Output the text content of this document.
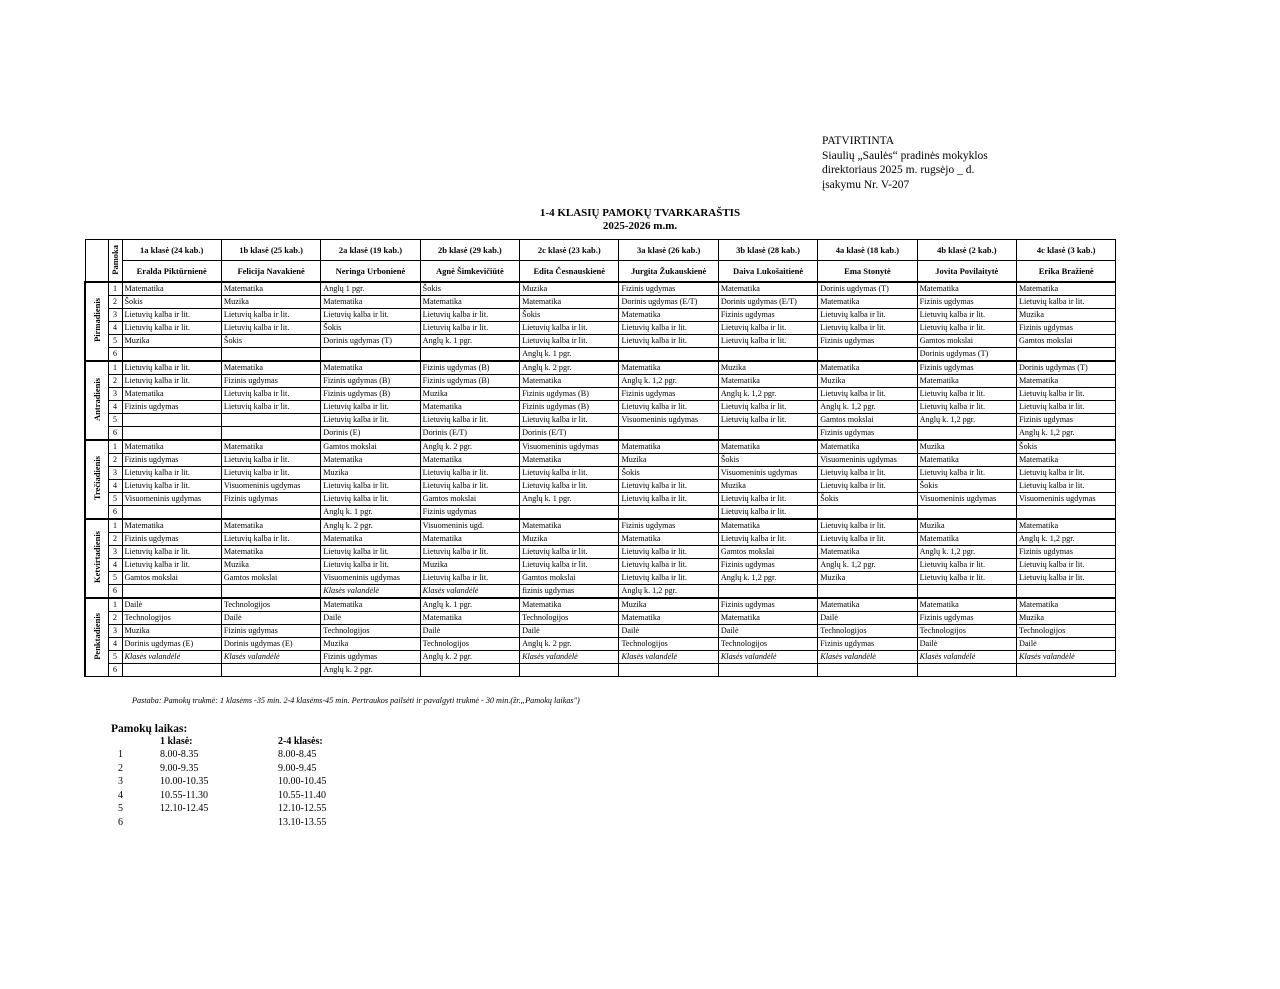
PATVIRTINTA
Siaulių „Saulės“ pradinės mokyklos
direktoriaus 2025 m. rugsėjo _ d.
įsakymu Nr. V-207
1-4 KLASIŲ PAMOKŲ TVARKARAŠTIS
2025-2026 m.m.
	Pamoka	1a klasė (24 kab.)	1b klasė (25 kab.)	2a klasė (19 kab.)	2b klasė (29 kab.)	2c klasė (23 kab.)	3a klasė (26 kab.)	3b klasė (28 kab.)	4a klasė (18 kab.)	4b klasė (2 kab.)	4c klasė (3 kab.)
		Eralda Piktūrnienė	Felicija Navakienė	Neringa Urbonienė	Agnė Šimkevičiūtė	Edita Česnauskienė	Jurgita Žukauskienė	Daiva Lukošaitienė	Ema Stonytė	Jovita Povilaitytė	Erika Bražienė
Pirmadienis	1	Matematika	Matematika	Anglų 1 pgr.	Šokis	Muzika	Fizinis ugdymas	Matematika	Dorinis ugdymas (T)	Matematika	Matematika
	2	Šokis	Muzika	Matematika	Matematika	Matematika	Dorinis ugdymas (E/T)	Dorinis ugdymas (E/T)	Matematika	Fizinis ugdymas	Lietuvių kalba ir lit.
	3	Lietuvių kalba ir lit.	Lietuvių kalba ir lit.	Lietuvių kalba ir lit.	Lietuvių kalba ir lit.	Šokis	Matematika	Fizinis ugdymas	Lietuvių kalba ir lit.	Lietuvių kalba ir lit.	Muzika
	4	Lietuvių kalba ir lit.	Lietuvių kalba ir lit.	Šokis	Lietuvių kalba ir lit.	Lietuvių kalba ir lit.	Lietuvių kalba ir lit.	Lietuvių kalba ir lit.	Lietuvių kalba ir lit.	Lietuvių kalba ir lit.	Fizinis ugdymas
	5	Muzika	Šokis	Dorinis ugdymas (T)	Anglų k. 1 pgr.	Lietuvių kalba ir lit.	Lietuvių kalba ir lit.	Lietuvių kalba ir lit.	Fizinis ugdymas	Gamtos mokslai	Gamtos mokslai
	6					Anglų k. 1 pgr.				Dorinis ugdymas (T)	
Antradienis	1	Lietuvių kalba ir lit.	Matematika	Matematika	Fizinis ugdymas (B)	Anglų k. 2 pgr.	Matematika	Muzika	Matematika	Fizinis ugdymas	Dorinis ugdymas (T)
	2	Lietuvių kalba ir lit.	Fizinis ugdymas	Fizinis ugdymas (B)	Fizinis ugdymas (B)	Matematika	Anglų k. 1,2 pgr.	Matematika	Muzika	Matematika	Matematika
	3	Matematika	Lietuvių kalba ir lit.	Fizinis ugdymas (B)	Muzika	Fizinis ugdymas (B)	Fizinis ugdymas	Anglų k. 1,2 pgr.	Lietuvių kalba ir lit.	Lietuvių kalba ir lit.	Lietuvių kalba ir lit.
	4	Fizinis ugdymas	Lietuvių kalba ir lit.	Lietuvių kalba ir lit.	Matematika	Fizinis ugdymas (B)	Lietuvių kalba ir lit.	Lietuvių kalba ir lit.	Anglų k. 1,2 pgr.	Lietuvių kalba ir lit.	Lietuvių kalba ir lit.
	5			Lietuvių kalba ir lit.	Lietuvių kalba ir lit.	Lietuvių kalba ir lit.	Visuomeninis ugdymas	Lietuvių kalba ir lit.	Gamtos mokslai	Anglų k. 1,2 pgr.	Fizinis ugdymas
	6			Dorinis (E)	Dorinis (E/T)	Dorinis (E/T)			Fizinis ugdymas		Anglų k. 1,2 pgr.
Trečiadienis	1	Matematika	Matematika	Gamtos mokslai	Anglų k. 2 pgr.	Visuomeninis ugdymas	Matematika	Matematika	Matematika	Muzika	Šokis
	2	Fizinis ugdymas	Lietuvių kalba ir lit.	Matematika	Matematika	Matematika	Muzika	Šokis	Visuomeninis ugdymas	Matematika	Matematika
	3	Lietuvių kalba ir lit.	Lietuvių kalba ir lit.	Muzika	Lietuvių kalba ir lit.	Lietuvių kalba ir lit.	Šokis	Visuomeninis ugdymas	Lietuvių kalba ir lit.	Lietuvių kalba ir lit.	Lietuvių kalba ir lit.
	4	Lietuvių kalba ir lit.	Visuomeninis ugdymas	Lietuvių kalba ir lit.	Lietuvių kalba ir lit.	Lietuvių kalba ir lit.	Lietuvių kalba ir lit.	Muzika	Lietuvių kalba ir lit.	Šokis	Lietuvių kalba ir lit.
	5	Visuomeninis ugdymas	Fizinis ugdymas	Lietuvių kalba ir lit.	Gamtos mokslai	Anglų k. 1 pgr.	Lietuvių kalba ir lit.	Lietuvių kalba ir lit.	Šokis	Visuomeninis ugdymas	Visuomeninis ugdymas
	6			Anglų k. 1 pgr.	Fizinis ugdymas			Lietuvių kalba ir lit.			
Ketvirtadienis	1	Matematika	Matematika	Anglų k. 2 pgr.	Visuomeninis ugd.	Matematika	Fizinis ugdymas	Matematika	Lietuvių kalba ir lit.	Muzika	Matematika
	2	Fizinis ugdymas	Lietuvių kalba ir lit.	Matematika	Matematika	Muzika	Matematika	Lietuvių kalba ir lit.	Lietuvių kalba ir lit.	Matematika	Anglų k. 1,2 pgr.
	3	Lietuvių kalba ir lit.	Matematika	Lietuvių kalba ir lit.	Lietuvių kalba ir lit.	Lietuvių kalba ir lit.	Lietuvių kalba ir lit.	Gamtos mokslai	Matematika	Anglų k. 1,2 pgr.	Fizinis ugdymas
	4	Lietuvių kalba ir lit.	Muzika	Lietuvių kalba ir lit.	Muzika	Lietuvių kalba ir lit.	Lietuvių kalba ir lit.	Fizinis ugdymas	Anglų k. 1,2 pgr.	Lietuvių kalba ir lit.	Lietuvių kalba ir lit.
	5	Gamtos mokslai	Gamtos mokslai	Visuomeninis ugdymas	Lietuvių kalba ir lit.	Gamtos mokslai	Lietuvių kalba ir lit.	Anglų k. 1,2 pgr.	Muzika	Lietuvių kalba ir lit.	Lietuvių kalba ir lit.
	6			Klasės valandėlė	Klasės valandėlė	fizinis ugdymas	Anglų k. 1,2 pgr.				
Penktadienis	1	Dailė	Technologijos	Matematika	Anglų k. 1 pgr.	Matematika	Muzika	Fizinis ugdymas	Matematika	Matematika	Matematika
	2	Technologijos	Dailė	Dailė	Matematika	Technologijos	Matematika	Matematika	Dailė	Fizinis ugdymas	Muzika
	3	Muzika	Fizinis ugdymas	Technologijos	Dailė	Dailė	Dailė	Dailė	Technologijos	Technologijos	Technologijos
	4	Dorinis ugdymas (E)	Dorinis ugdymas (E)	Muzika	Technologijos	Anglų k. 2 pgr.	Technologijos	Technologijos	Fizinis ugdymas	Dailė	Dailė
	5	Klasės valandėlė	Klasės valandėlė	Fizinis ugdymas	Anglų k. 2 pgr.	Klasės valandėlė	Klasės valandėlė	Klasės valandėlė	Klasės valandėlė	Klasės valandėlė	Klasės valandėlė
	6			Anglų k. 2 pgr.							
Pastaba: Pamokų trukmė: 1 klasėms -35 min. 2-4 klasėms-45 min. Pertraukos pailsėti ir pavalgyti trukmė - 30 min.(žr.„Pamokų laikas")
Pamokų laikas:
	1 klasė:	2-4 klasės:
1	8.00-8.35	8.00-8.45
2	9.00-9.35	9.00-9.45
3	10.00-10.35	10.00-10.45
4	10.55-11.30	10.55-11.40
5	12.10-12.45	12.10-12.55
6		13.10-13.55
